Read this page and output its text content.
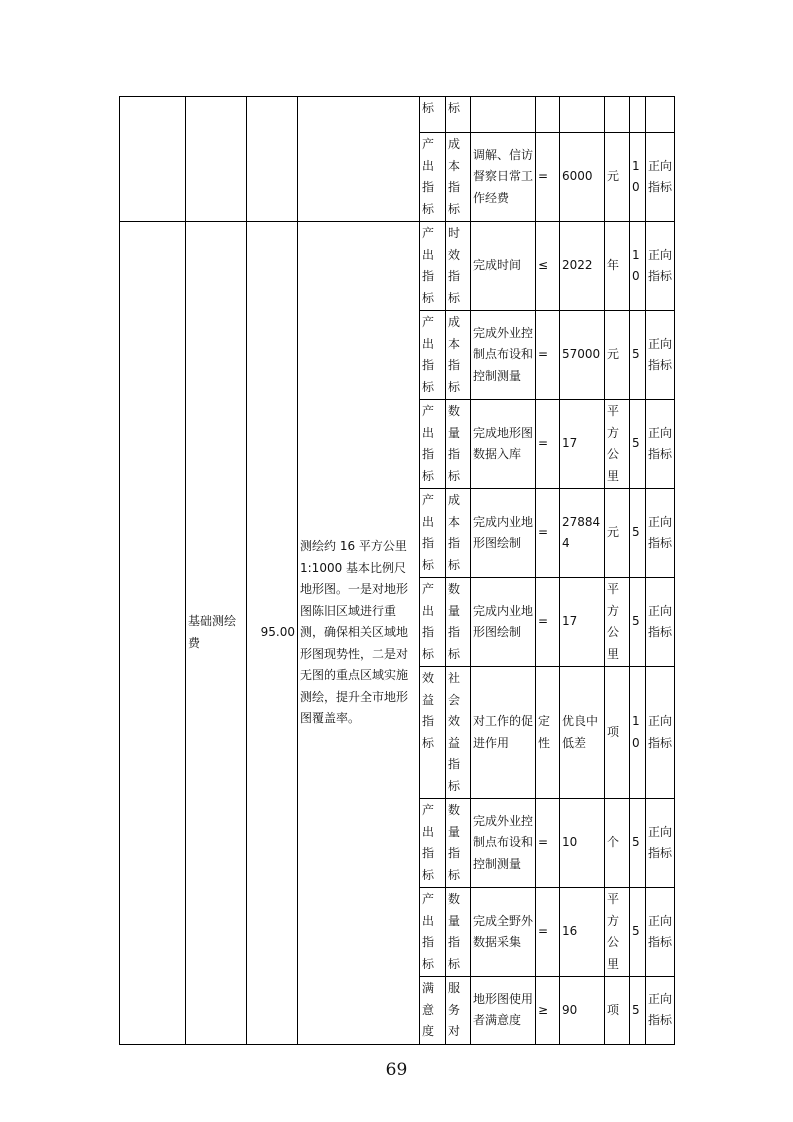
				标	标						

				产出指标	成本指标	调解、信访督察日常工作经费	=	6000	元	10	正向指标
	基础测绘费	95.00	测绘约 16 平方公里 1:1000 基本比例尺地形图。一是对地形图陈旧区域进行重测，确保相关区域地形图现势性，二是对无图的重点区域实施测绘，提升全市地形图覆盖率。	产出指标	时效指标	完成时间	≤	2022	年	10	正向指标

				产出指标	成本指标	完成外业控制点布设和控制测量	=	57000	元	5	正向指标

				产出指标	数量指标	完成地形图数据入库	=	17	平方公里	5	正向指标

				产出指标	成本指标	完成内业地形图绘制	=	278844	元	5	正向指标

				产出指标	数量指标	完成内业地形图绘制	=	17	平方公里	5	正向指标

				效益指标	社会效益指标	对工作的促进作用	定性	优良中低差	项	10	正向指标

				产出指标	数量指标	完成外业控制点布设和控制测量	=	10	个	5	正向指标

				产出指标	数量指标	完成全野外数据采集	=	16	平方公里	5	正向指标

				满意度	服务对	地形图使用者满意度	≥	90	项	5	正向指标
69
